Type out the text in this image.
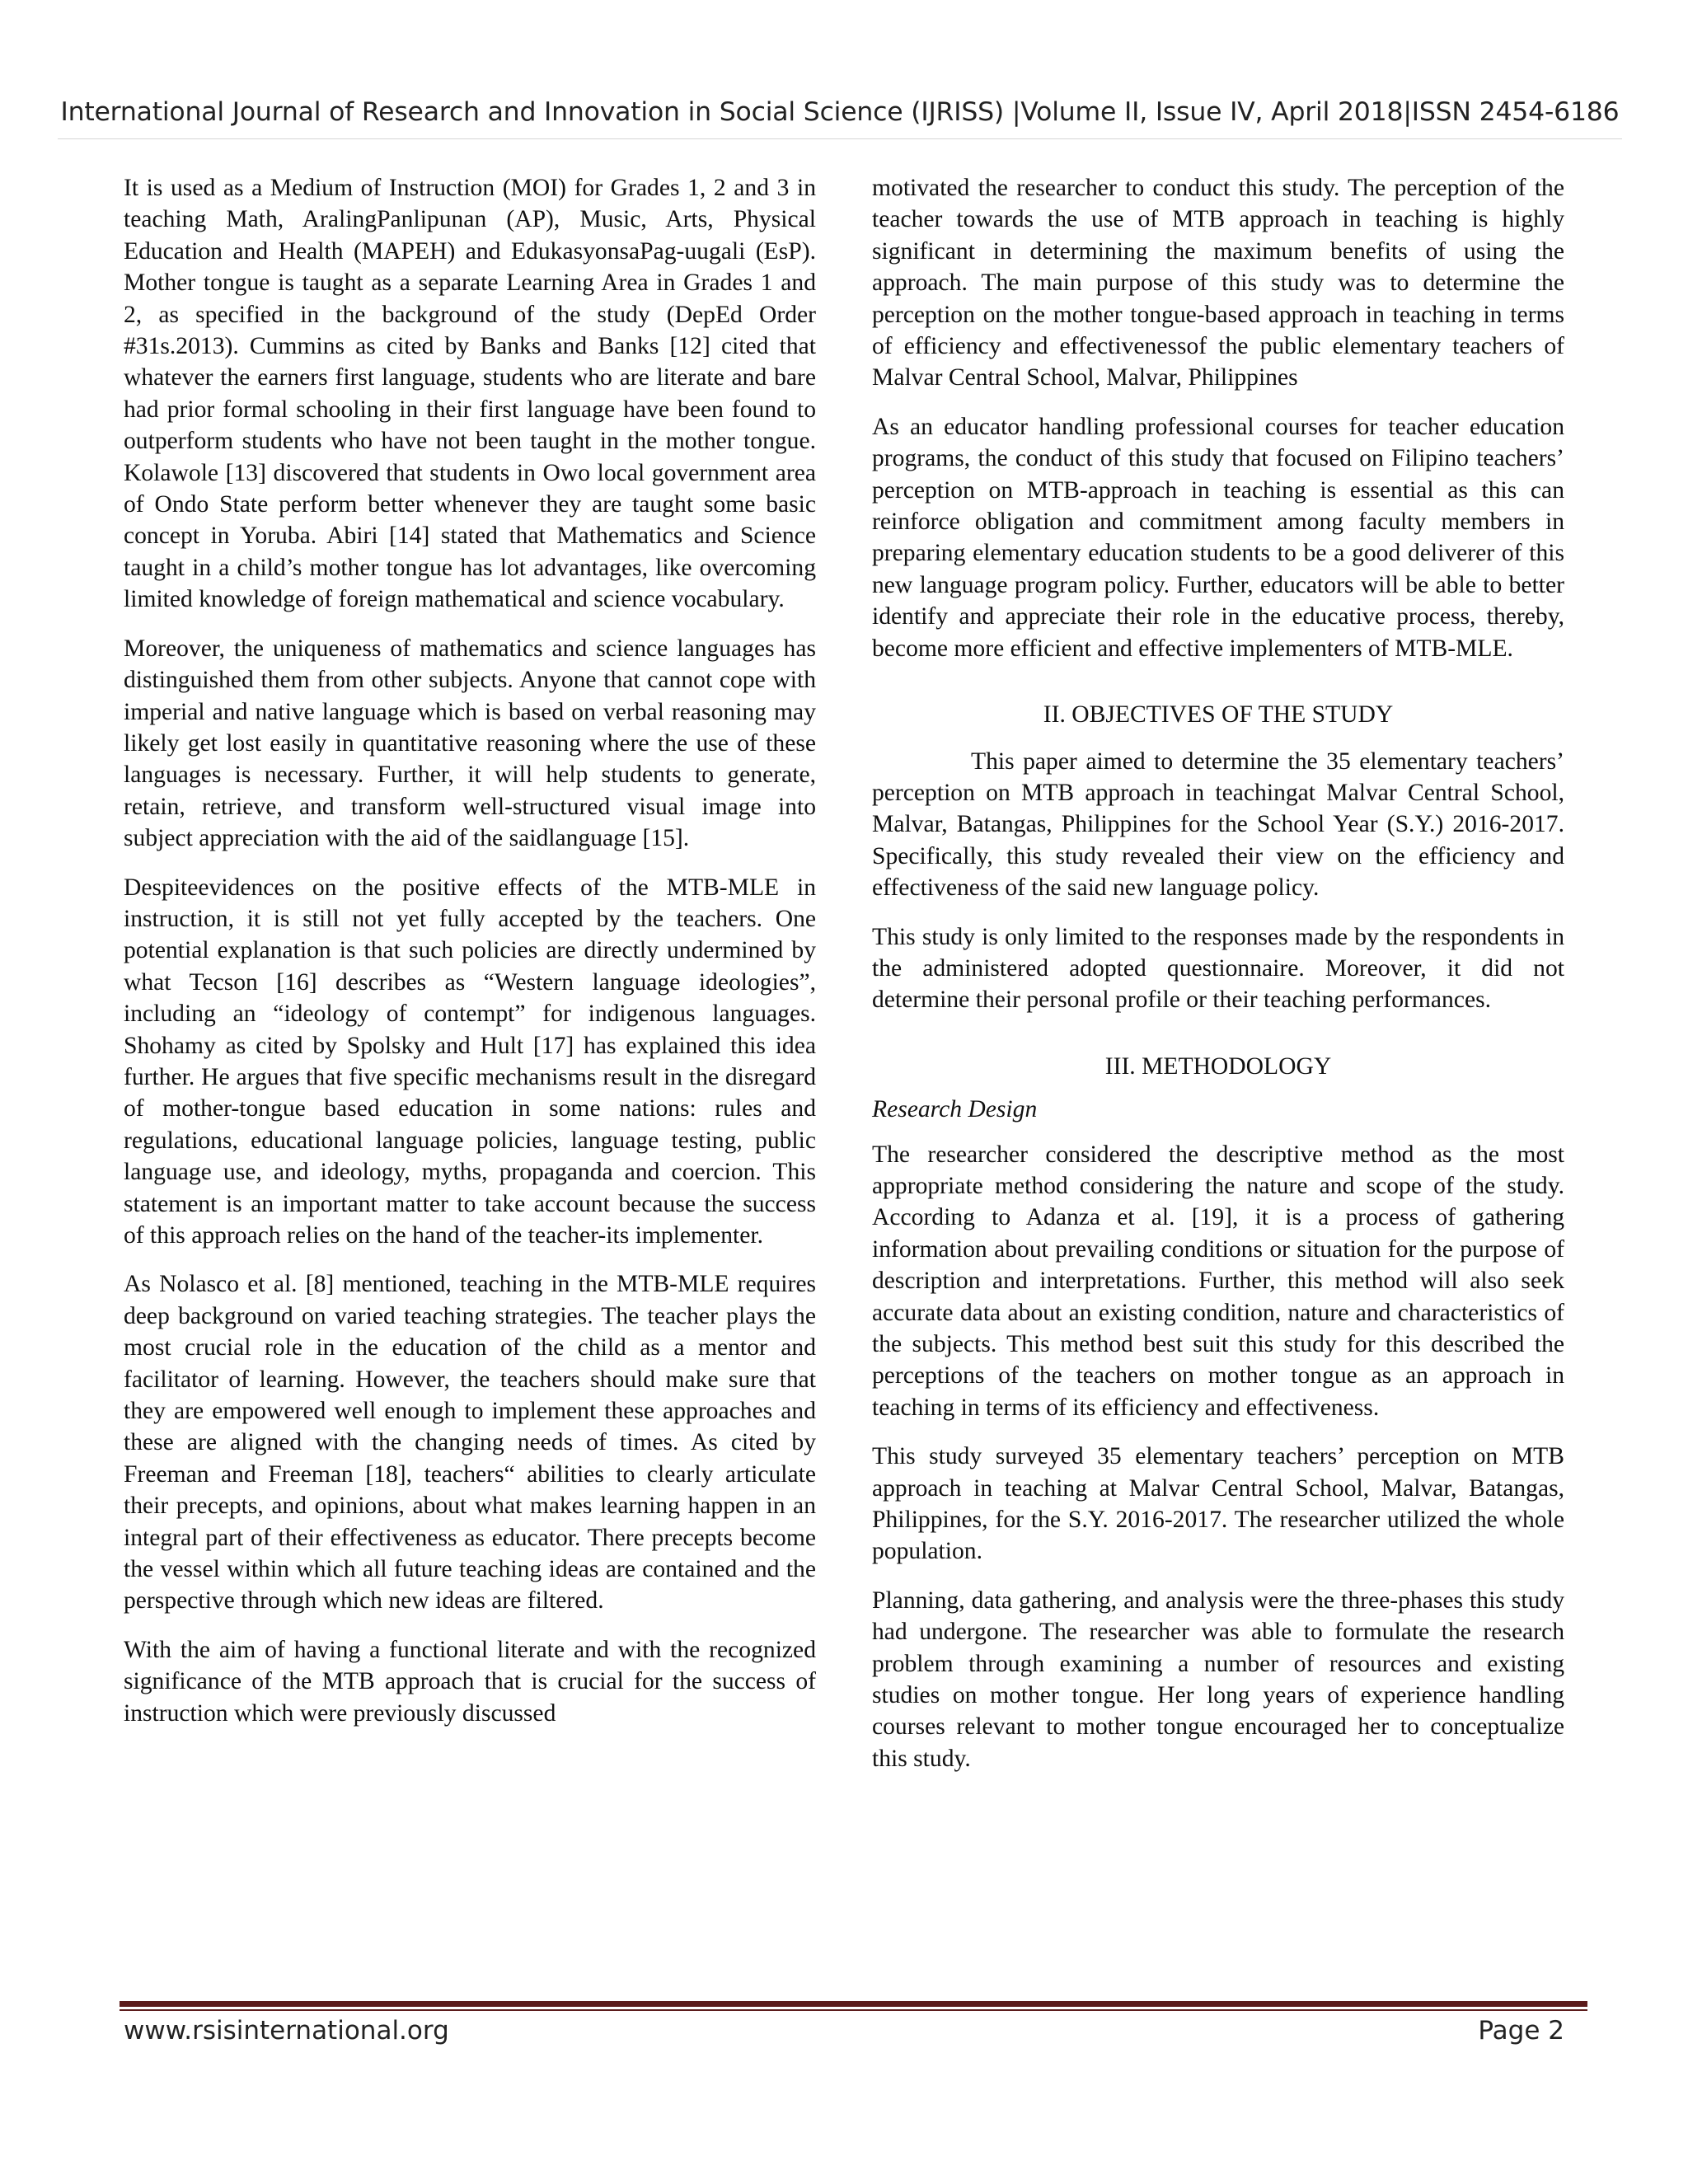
International Journal of Research and Innovation in Social Science (IJRISS) |Volume II, Issue IV, April 2018|ISSN 2454-6186

It is used as a Medium of Instruction (MOI) for Grades 1, 2 and 3 in teaching Math, AralingPanlipunan (AP), Music, Arts, Physical Education and Health (MAPEH) and EdukasyonsaPag-uugali (EsP). Mother tongue is taught as a separate Learning Area in Grades 1 and 2, as specified in the background of the study (DepEd Order #31s.2013). Cummins as cited by Banks and Banks [12] cited that whatever the earners first language, students who are literate and bare had prior formal schooling in their first language have been found to outperform students who have not been taught in the mother tongue. Kolawole [13] discovered that students in Owo local government area of Ondo State perform better whenever they are taught some basic concept in Yoruba. Abiri [14] stated that Mathematics and Science taught in a child’s mother tongue has lot advantages, like overcoming limited knowledge of foreign mathematical and science vocabulary.

Moreover, the uniqueness of mathematics and science languages has distinguished them from other subjects. Anyone that cannot cope with imperial and native language which is based on verbal reasoning may likely get lost easily in quantitative reasoning where the use of these languages is necessary. Further, it will help students to generate, retain, retrieve, and transform well-structured visual image into subject appreciation with the aid of the saidlanguage [15].

Despiteevidences on the positive effects of the MTB-MLE in instruction, it is still not yet fully accepted by the teachers. One potential explanation is that such policies are directly undermined by what Tecson [16] describes as “Western language ideologies”, including an “ideology of contempt” for indigenous languages. Shohamy as cited by Spolsky and Hult [17] has explained this idea further. He argues that five specific mechanisms result in the disregard of mother-tongue based education in some nations: rules and regulations, educational language policies, language testing, public language use, and ideology, myths, propaganda and coercion. This statement is an important matter to take account because the success of this approach relies on the hand of the teacher-its implementer.

As Nolasco et al. [8] mentioned, teaching in the MTB-MLE requires deep background on varied teaching strategies. The teacher plays the most crucial role in the education of the child as a mentor and facilitator of learning. However, the teachers should make sure that they are empowered well enough to implement these approaches and these are aligned with the changing needs of times. As cited by Freeman and Freeman [18], teachers“ abilities to clearly articulate their precepts, and opinions, about what makes learning happen in an integral part of their effectiveness as educator. There precepts become the vessel within which all future teaching ideas are contained and the perspective through which new ideas are filtered.

With the aim of having a functional literate and with the recognized significance of the MTB approach that is crucial for the success of instruction which were previously discussed

motivated the researcher to conduct this study. The perception of the teacher towards the use of MTB approach in teaching is highly significant in determining the maximum benefits of using the approach. The main purpose of this study was to determine the perception on the mother tongue-based approach in teaching in terms of efficiency and effectivenessof the public elementary teachers of Malvar Central School, Malvar, Philippines

As an educator handling professional courses for teacher education programs, the conduct of this study that focused on Filipino teachers’ perception on MTB-approach in teaching is essential as this can reinforce obligation and commitment among faculty members in preparing elementary education students to be a good deliverer of this new language program policy. Further, educators will be able to better identify and appreciate their role in the educative process, thereby, become more efficient and effective implementers of MTB-MLE.

II. OBJECTIVES OF THE STUDY

This paper aimed to determine the 35 elementary teachers’ perception on MTB approach in teachingat Malvar Central School, Malvar, Batangas, Philippines for the School Year (S.Y.) 2016-2017. Specifically, this study revealed their view on the efficiency and effectiveness of the said new language policy.

This study is only limited to the responses made by the respondents in the administered adopted questionnaire. Moreover, it did not determine their personal profile or their teaching performances.

III. METHODOLOGY
Research Design

The researcher considered the descriptive method as the most appropriate method considering the nature and scope of the study. According to Adanza et al. [19], it is a process of gathering information about prevailing conditions or situation for the purpose of description and interpretations. Further, this method will also seek accurate data about an existing condition, nature and characteristics of the subjects. This method best suit this study for this described the perceptions of the teachers on mother tongue as an approach in teaching in terms of its efficiency and effectiveness.

This study surveyed 35 elementary teachers’ perception on MTB approach in teaching at Malvar Central School, Malvar, Batangas, Philippines, for the S.Y. 2016-2017. The researcher utilized the whole population.

Planning, data gathering, and analysis were the three-phases this study had undergone. The researcher was able to formulate the research problem through examining a number of resources and existing studies on mother tongue. Her long years of experience handling courses relevant to mother tongue encouraged her to conceptualize this study.

www.rsisinternational.org	Page 2
